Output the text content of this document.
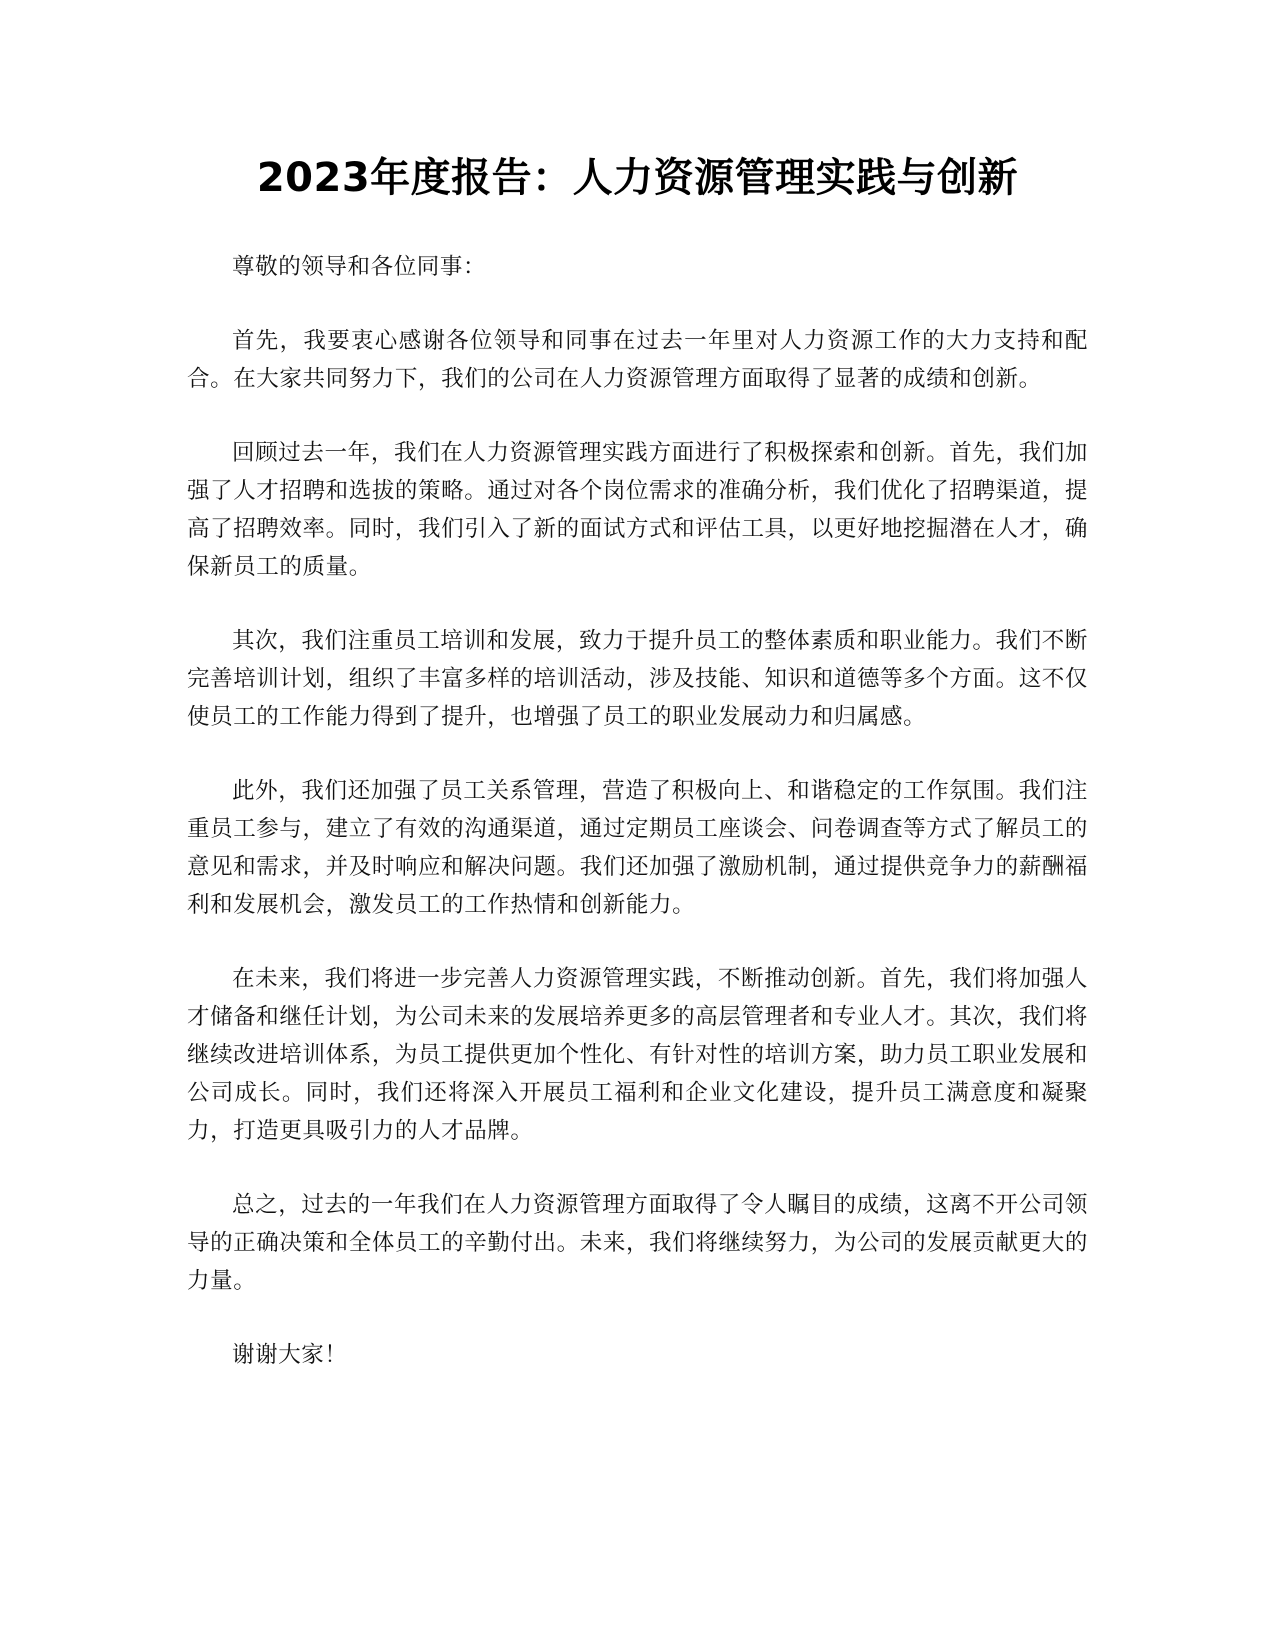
2023年度报告：人力资源管理实践与创新

尊敬的领导和各位同事：

首先，我要衷心感谢各位领导和同事在过去一年里对人力资源工作的大力支持和配合。在大家共同努力下，我们的公司在人力资源管理方面取得了显著的成绩和创新。

回顾过去一年，我们在人力资源管理实践方面进行了积极探索和创新。首先，我们加强了人才招聘和选拔的策略。通过对各个岗位需求的准确分析，我们优化了招聘渠道，提高了招聘效率。同时，我们引入了新的面试方式和评估工具，以更好地挖掘潜在人才，确保新员工的质量。

其次，我们注重员工培训和发展，致力于提升员工的整体素质和职业能力。我们不断完善培训计划，组织了丰富多样的培训活动，涉及技能、知识和道德等多个方面。这不仅使员工的工作能力得到了提升，也增强了员工的职业发展动力和归属感。

此外，我们还加强了员工关系管理，营造了积极向上、和谐稳定的工作氛围。我们注重员工参与，建立了有效的沟通渠道，通过定期员工座谈会、问卷调查等方式了解员工的意见和需求，并及时响应和解决问题。我们还加强了激励机制，通过提供竞争力的薪酬福利和发展机会，激发员工的工作热情和创新能力。

在未来，我们将进一步完善人力资源管理实践，不断推动创新。首先，我们将加强人才储备和继任计划，为公司未来的发展培养更多的高层管理者和专业人才。其次，我们将继续改进培训体系，为员工提供更加个性化、有针对性的培训方案，助力员工职业发展和公司成长。同时，我们还将深入开展员工福利和企业文化建设，提升员工满意度和凝聚力，打造更具吸引力的人才品牌。

总之，过去的一年我们在人力资源管理方面取得了令人瞩目的成绩，这离不开公司领导的正确决策和全体员工的辛勤付出。未来，我们将继续努力，为公司的发展贡献更大的力量。

谢谢大家！
